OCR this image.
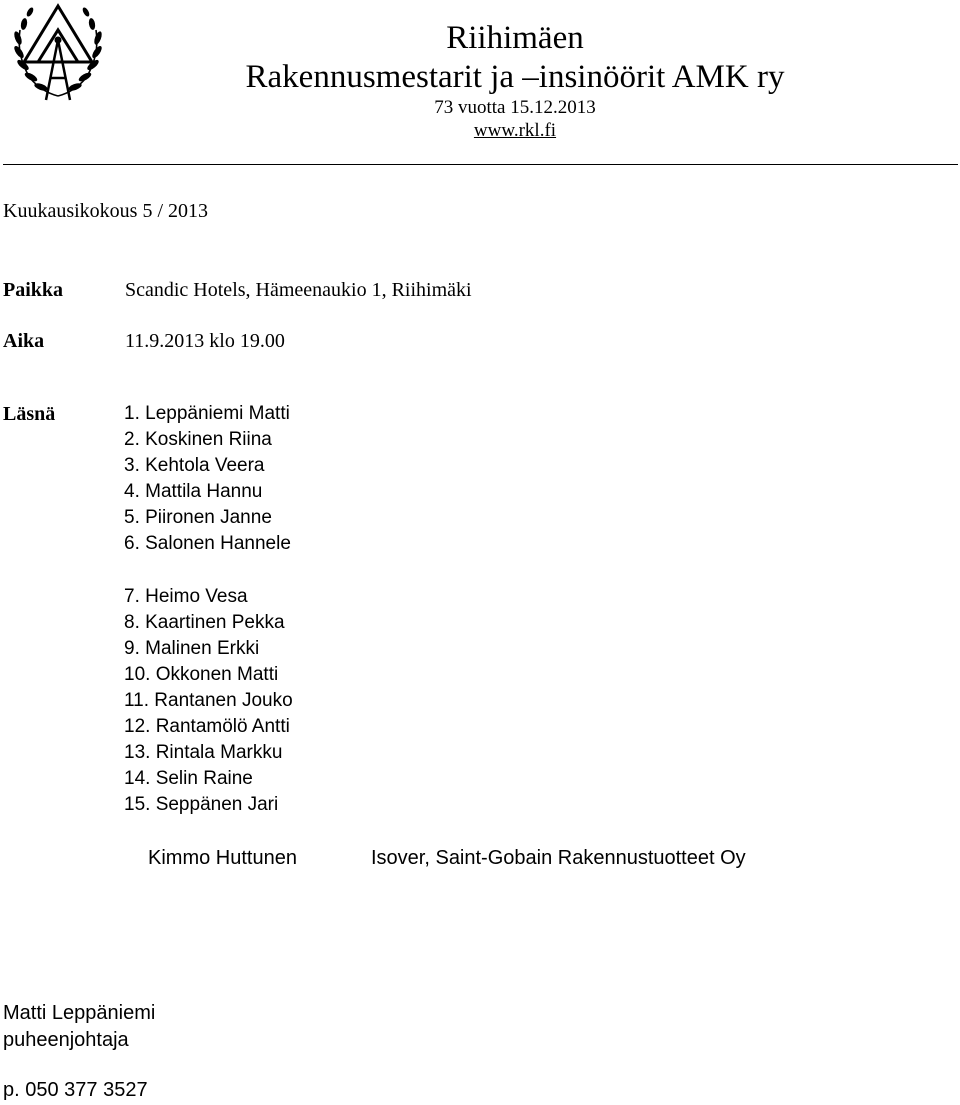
Riihimäen
Rakennusmestarit ja –insinöörit AMK ry
73 vuotta 15.12.2013
www.rkl.fi
Kuukausikokous 5 / 2013
Paikka	Scandic Hotels, Hämeenaukio 1, Riihimäki
Aika	11.9.2013 klo 19.00
Läsnä	1. Leppäniemi Matti
2. Koskinen Riina
3. Kehtola Veera
4. Mattila Hannu
5. Piironen Janne
6. Salonen Hannele
7. Heimo Vesa
8. Kaartinen Pekka
9. Malinen Erkki
10. Okkonen Matti
11. Rantanen Jouko
12. Rantamölö Antti
13. Rintala Markku
14. Selin Raine
15. Seppänen Jari
Kimmo Huttunen	Isover, Saint-Gobain Rakennustuotteet Oy
Matti Leppäniemi
puheenjohtaja
p. 050 377 3527
